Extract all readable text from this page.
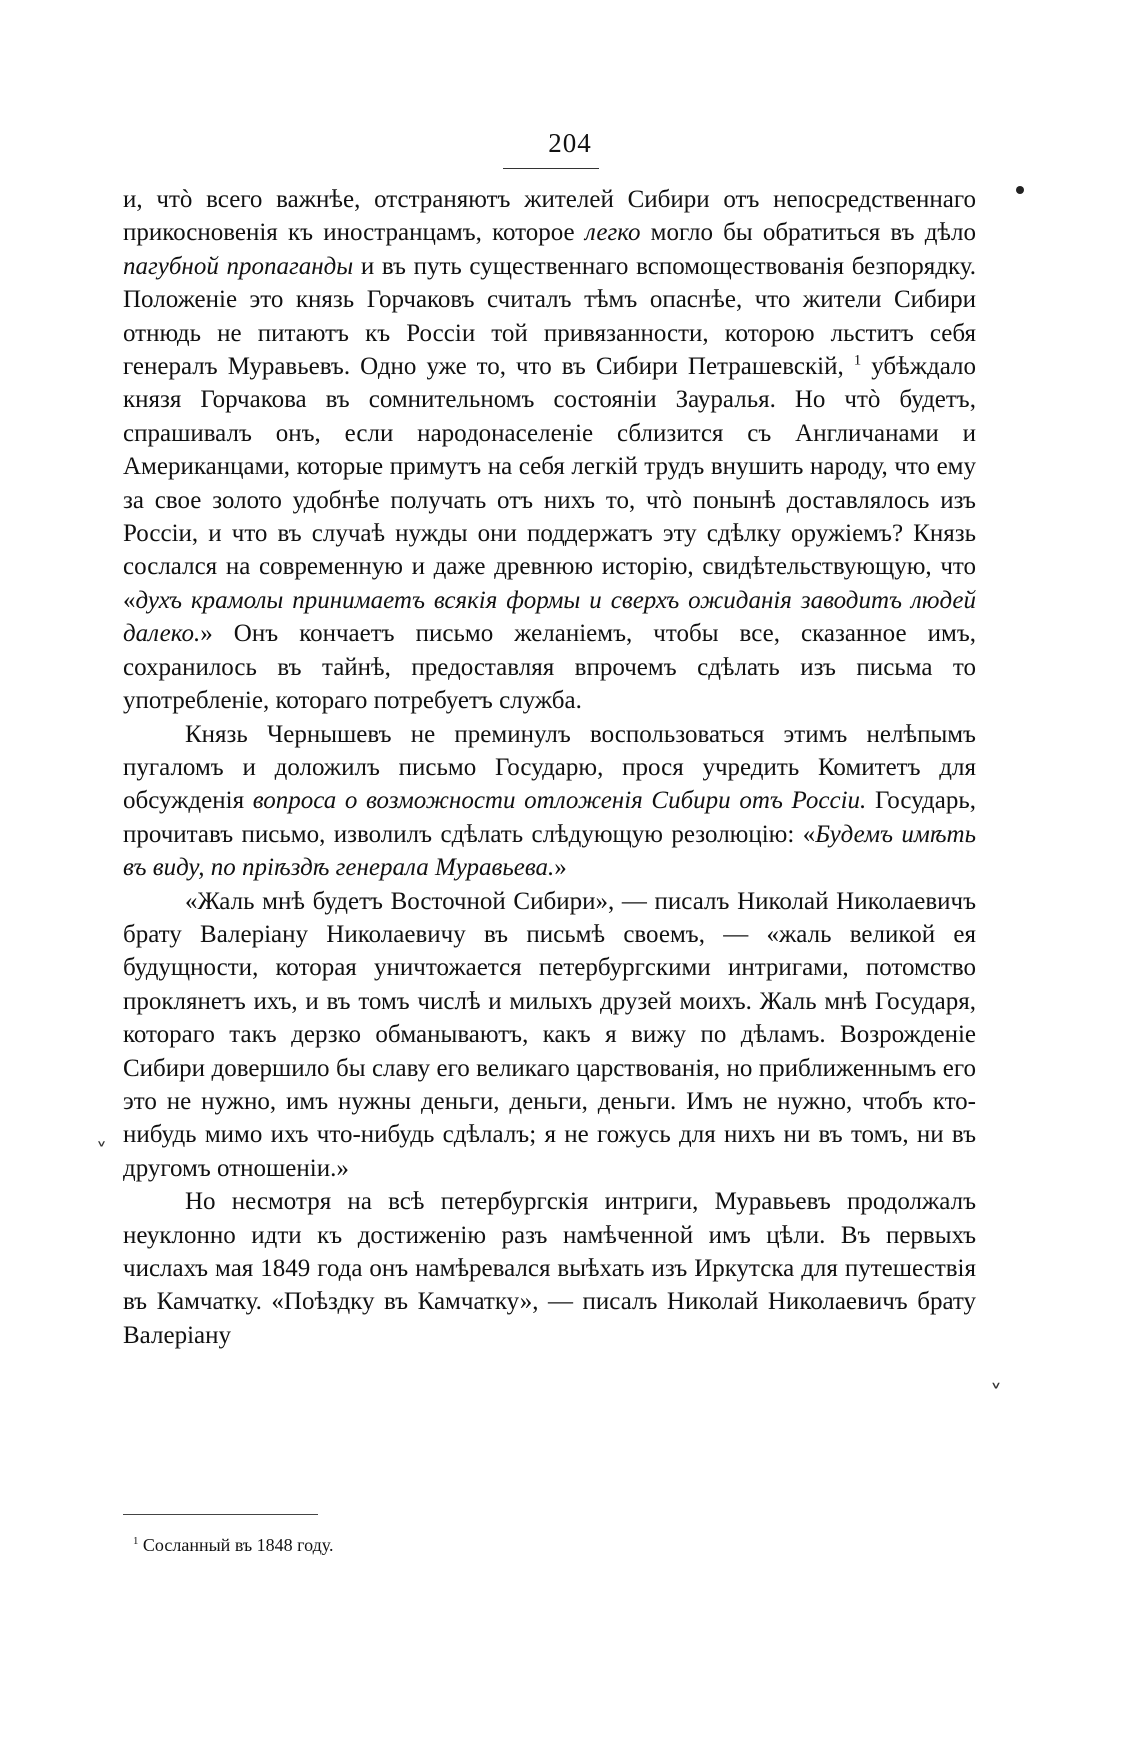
204

и, чтò всего важнѣе, отстраняютъ жителей Сибири отъ непосредственнаго прикосновенія къ иностранцамъ, которое легко могло бы обратиться въ дѣло пагубной пропаганды и въ путь существеннаго вспомоществованія безпорядку. Положеніе это князь Горчаковъ считалъ тѣмъ опаснѣе, что жители Сибири отнюдь не питаютъ къ Россіи той привязанности, которою льститъ себя генералъ Муравьевъ. Одно уже то, что въ Сибири Петрашевскій, $^1$ убѣждало князя Горчакова въ сомнительномъ состояніи Зауралья. Но чтò будетъ, спрашивалъ онъ, если народонаселеніе сблизится съ Англичанами и Американцами, которые примутъ на себя легкій трудъ внушить народу, что ему за свое золото удобнѣе получать отъ нихъ то, чтò понынѣ доставлялось изъ Россіи, и что въ случаѣ нужды они поддержатъ эту сдѣлку оружіемъ? Князь сослался на современную и даже древнюю исторію, свидѣтельствующую, что «духъ крамолы принимаетъ всякія формы и сверхъ ожиданія заводитъ людей далеко.» Онъ кончаетъ письмо желаніемъ, чтобы все, сказанное имъ, сохранилось въ тайнѣ, предоставляя впрочемъ сдѣлать изъ письма то употребленіе, котораго потребуетъ служба.

Князь Чернышевъ не преминулъ воспользоваться этимъ нелѣпымъ пугаломъ и доложилъ письмо Государю, прося учредить Комитетъ для обсужденія вопроса о возможности отложенія Сибири отъ Россіи. Государь, прочитавъ письмо, изволилъ сдѣлать слѣдующую резолюцію: «Будемъ имѣть въ виду, по пріѣздѣ генерала Муравьева.»

«Жаль мнѣ будетъ Восточной Сибири», — писалъ Николай Николаевичъ брату Валеріану Николаевичу въ письмѣ своемъ, — «жаль великой ея будущности, которая уничтожается петербургскими интригами, потомство проклянетъ ихъ, и въ томъ числѣ и милыхъ друзей моихъ. Жаль мнѣ Государя, котораго такъ дерзко обманываютъ, какъ я вижу по дѣламъ. Возрожденіе Сибири довершило бы славу его великаго царствованія, но приближеннымъ его это не нужно, имъ нужны деньги, деньги, деньги. Имъ не нужно, чтобъ кто-нибудь мимо ихъ что-нибудь сдѣлалъ; я не гожусь для нихъ ни въ томъ, ни въ другомъ отношеніи.»

Но несмотря на всѣ петербургскія интриги, Муравьевъ продолжалъ неуклонно идти къ достиженію разъ намѣченной имъ цѣли. Въ первыхъ числахъ мая 1849 года онъ намѣревался выѣхать изъ Иркутска для путешествія въ Камчатку. «Поѣздку въ Камчатку», — писалъ Николай Николаевичъ брату Валеріану

$^1$ Сосланный въ 1848 году.
˅
˅
